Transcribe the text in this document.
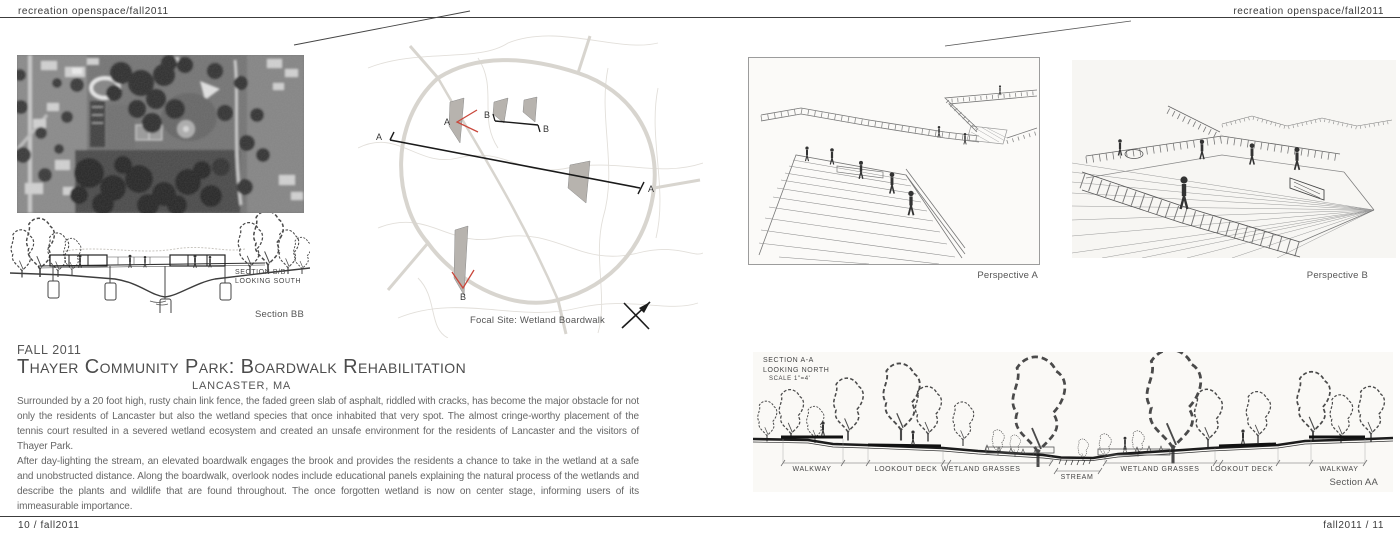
recreation openspace/fall2011	recreation openspace/fall2011
SECTION B/B
LOOKING SOUTH
Section BB
A
A
B
B
A
B
Focal Site: Wetland Boardwalk
Perspective A	Perspective B
FALL 2011
Thayer Community Park: Boardwalk Rehabilitation
LANCASTER, MA

Surrounded by a 20 foot high, rusty chain link fence, the faded green slab of asphalt, riddled with cracks, has become the major obstacle for not only the residents of Lancaster but also the wetland species that once inhabited that very spot. The almost cringe-worthy placement of the tennis court resulted in a severed wetland ecosystem and created an unsafe environment for the residents of Lancaster and the visitors of Thayer Park.

After day-lighting the stream, an elevated boardwalk engages the brook and provides the residents a chance to take in the wetland at a safe and unobstructed distance. Along the boardwalk, overlook nodes include educational panels explaining the natural process of the wetlands and describe the plants and wildlife that are found throughout. The once forgotten wetland is now on center stage, informing users of its immeasurable importance.

SECTION A-A
LOOKING NORTH
SCALE 1"=4'
WALKWAY	LOOKOUT DECK WETLAND GRASSES
STREAM
WETLAND GRASSES LOOKOUT DECK	WALKWAY
Section AA
10 / fall2011	fall2011 / 11
